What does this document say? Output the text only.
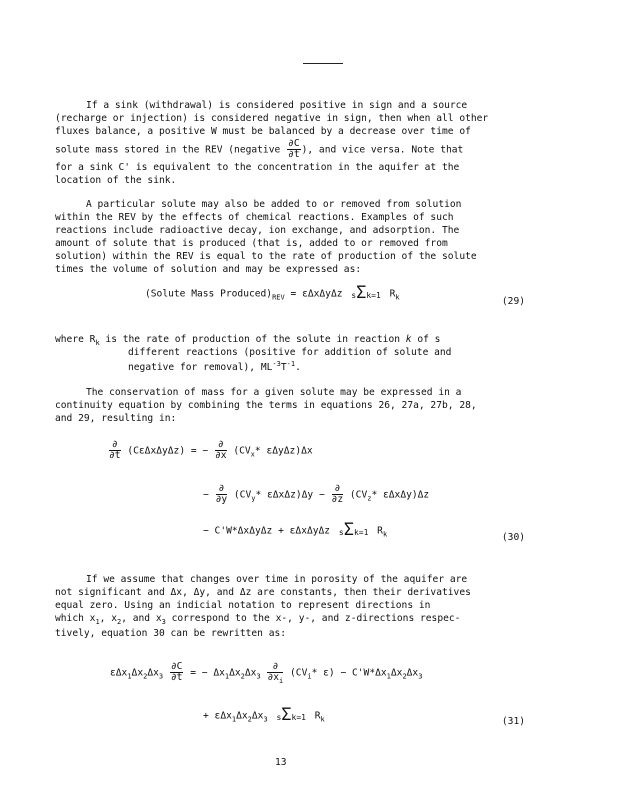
If a sink (withdrawal) is considered positive in sign and a source
(recharge or injection) is considered negative in sign, then when all other
fluxes balance, a positive W must be balanced by a decrease over time of
solute mass stored in the REV (negative $\frac{\partial C}{\partial t}$ ), and vice versa. Note that
for a sink C' is equivalent to the concentration in the aquifer at the
location of the sink.
A particular solute may also be added to or removed from solution
within the REV by the effects of chemical reactions. Examples of such
reactions include radioactive decay, ion exchange, and adsorption. The
amount of solute that is produced (that is, added to or removed from
solution) within the REV is equal to the rate of production of the solute
times the volume of solution and may be expressed as:
(Solute Mass $Produced)_{REV} = \varepsilon\Delta x\Delta y\Delta z$ sΣk=1 $R_k$	(29)
where $R_k$ is the rate of production of the solute in reaction k of s
different reactions (positive for addition of solute and
negative for removal), $ML^{-3}T^{-1}$.
The conservation of mass for a given solute may be expressed in a
continuity equation by combining the terms in equations 26, 27a, 27b, 28,
and 29, resulting in:
$\frac{\partial}{\partial t} (C\varepsilon\Delta x\Delta y\Delta z)$ = − $\frac{\partial}{\partial x} (CV_x*$ εΔyΔz)Δx
− $\frac{\partial}{\partial y} (CV_y*$ $\varepsilon\Delta x\Delta z)\Delta y - \frac{\partial}{\partial z} (CV_z*$ εΔxΔy)Δz
− C'W*ΔxΔyΔz + εΔxΔyΔz sΣk=1 $R_k$	(30)
If we assume that changes over time in porosity of the aquifer are
not significant and Δx, Δy, and Δz are constants, then their derivatives
equal zero. Using an indicial notation to represent directions in
which $x_1$, $x_2$, and $x_3$ correspond to the x-, y-, and z-directions respec-
tively, equation 30 can be rewritten as:
$\varepsilon\Delta x_1\Delta x_2\Delta x_3 \frac{\partial C}{\partial t}$ = − $\Delta x_1\Delta x_2\Delta x_3 \frac{\partial}{\partial x_i} (CV_i*$ $\varepsilon) - C'W*\Delta x_1\Delta x_2\Delta x_3$
+ $\varepsilon\Delta x_1\Delta x_2\Delta x_3$ sΣk=1 $R_k$	(31)
13
